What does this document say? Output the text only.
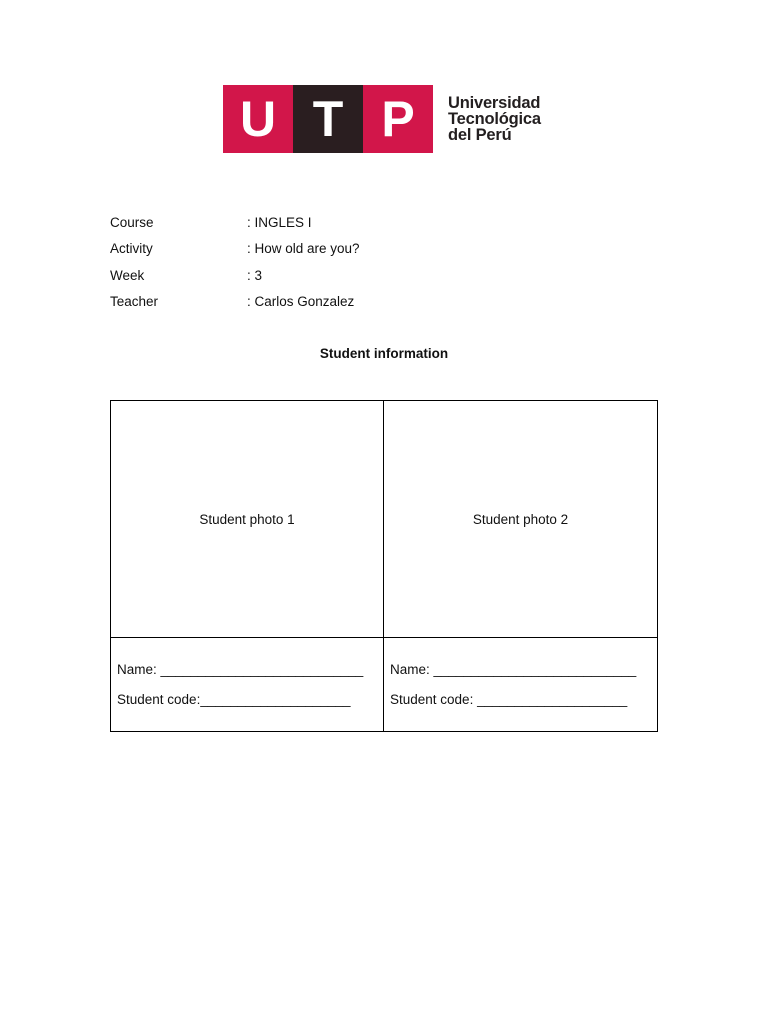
U T P	Universidad
Tecnológica
del Perú
Course	: INGLES I
Activity	: How old are you?
Week	: 3
Teacher	: Carlos Gonzalez
Student information
Student photo 1	Student photo 2
Name: ___________________________
Student code:____________________
Name: ___________________________
Student code: ____________________
